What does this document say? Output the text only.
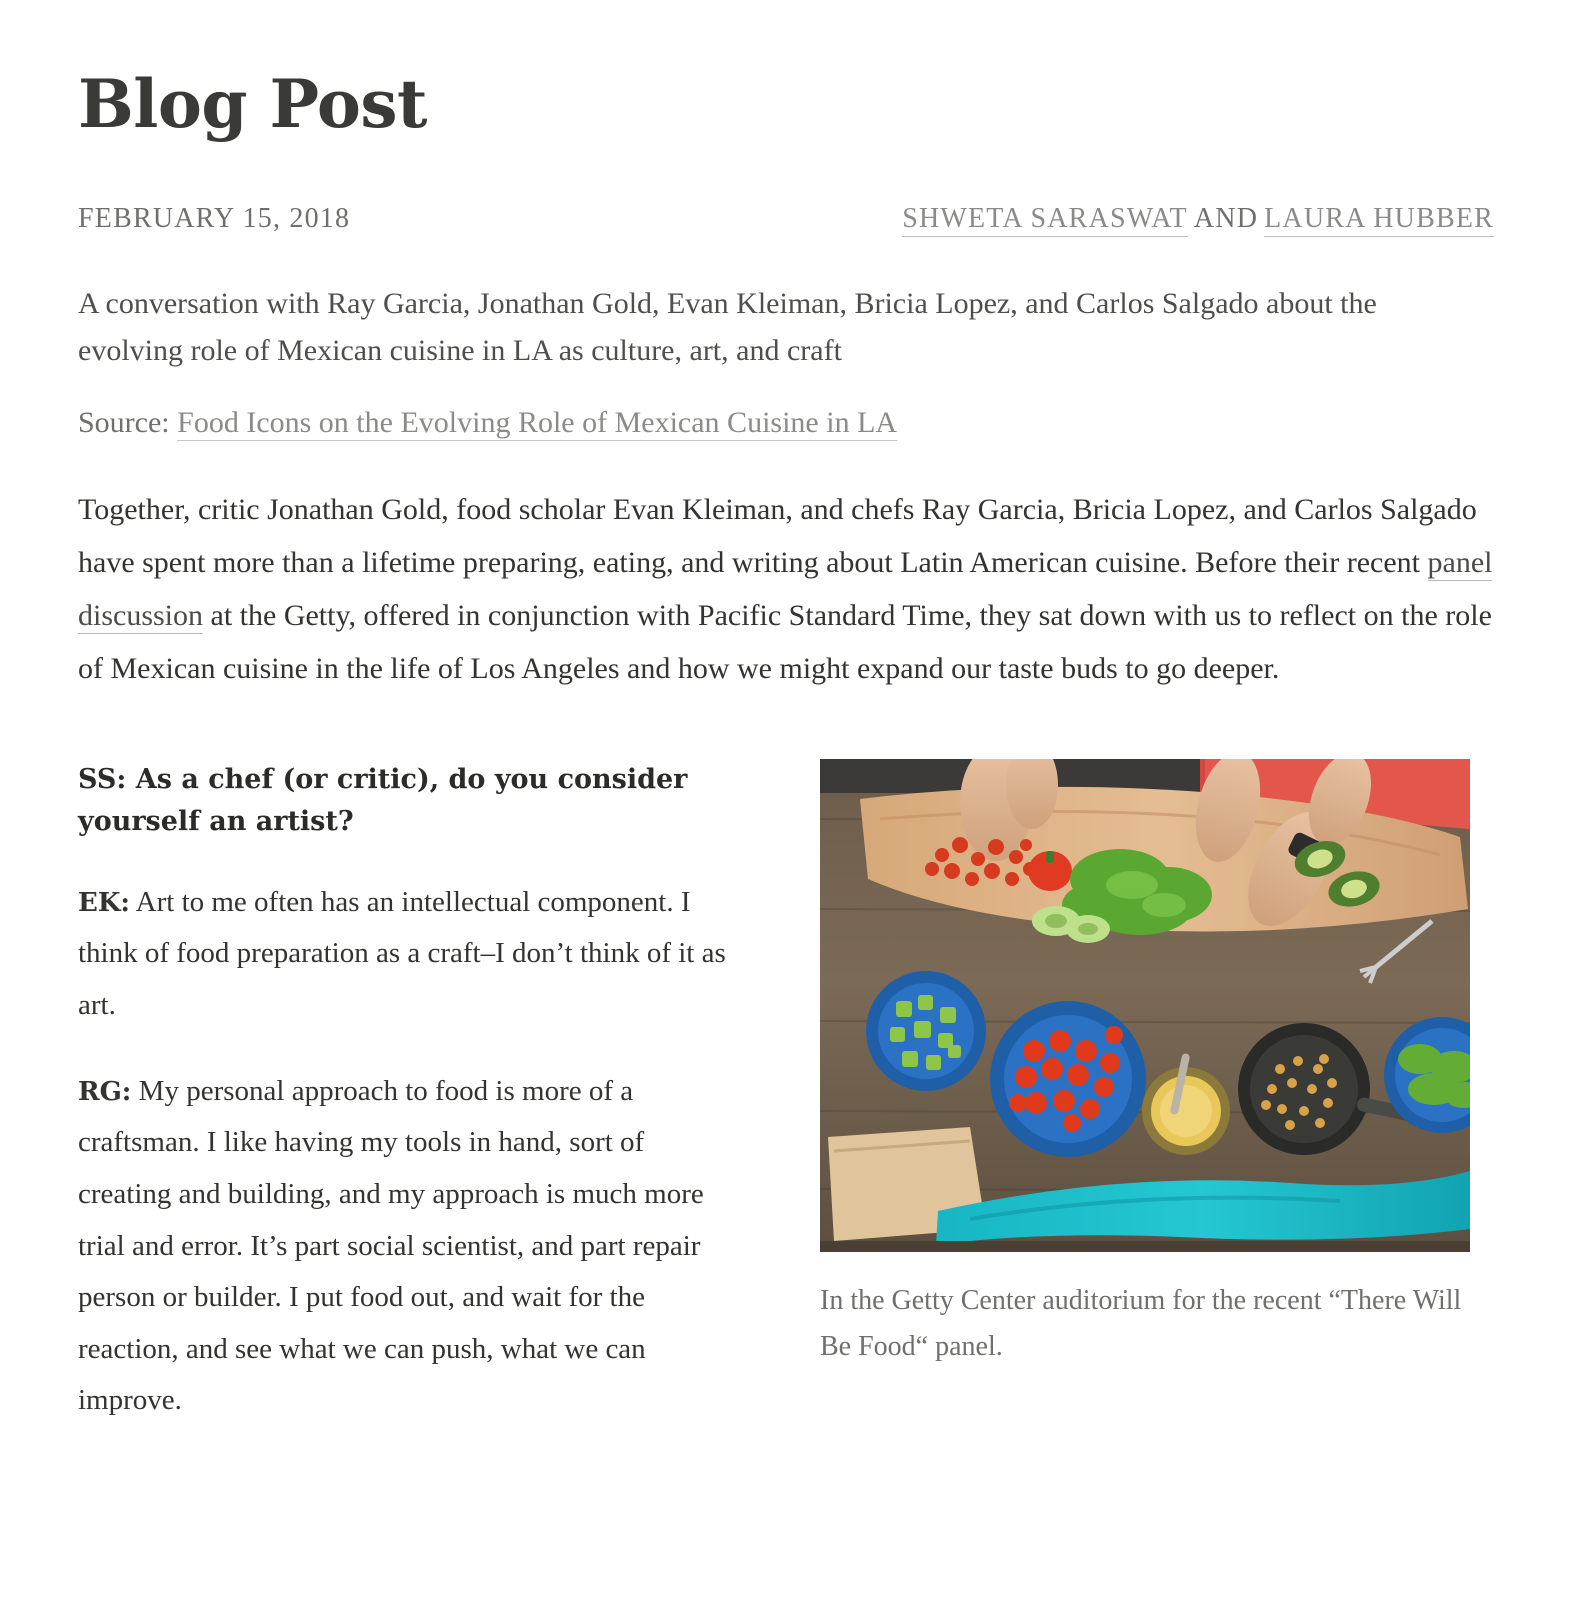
Blog Post
FEBRUARY 15, 2018	SHWETA SARASWAT AND LAURA HUBBER

A conversation with Ray Garcia, Jonathan Gold, Evan Kleiman, Bricia Lopez, and Carlos Salgado about the evolving role of Mexican cuisine in LA as culture, art, and craft

Source: Food Icons on the Evolving Role of Mexican Cuisine in LA

Together, critic Jonathan Gold, food scholar Evan Kleiman, and chefs Ray Garcia, Bricia Lopez, and Carlos Salgado have spent more than a lifetime preparing, eating, and writing about Latin American cuisine. Before their recent panel discussion at the Getty, offered in conjunction with Pacific Standard Time, they sat down with us to reflect on the role of Mexican cuisine in the life of Los Angeles and how we might expand our taste buds to go deeper.

SS: As a chef (or critic), do you consider yourself an artist?

EK: Art to me often has an intellectual component. I think of food preparation as a craft–I don’t think of it as art.

RG: My personal approach to food is more of a craftsman. I like having my tools in hand, sort of creating and building, and my approach is much more trial and error. It’s part social scientist, and part repair person or builder. I put food out, and wait for the reaction, and see what we can push, what we can improve.

In the Getty Center auditorium for the recent “There Will Be Food“ panel.
